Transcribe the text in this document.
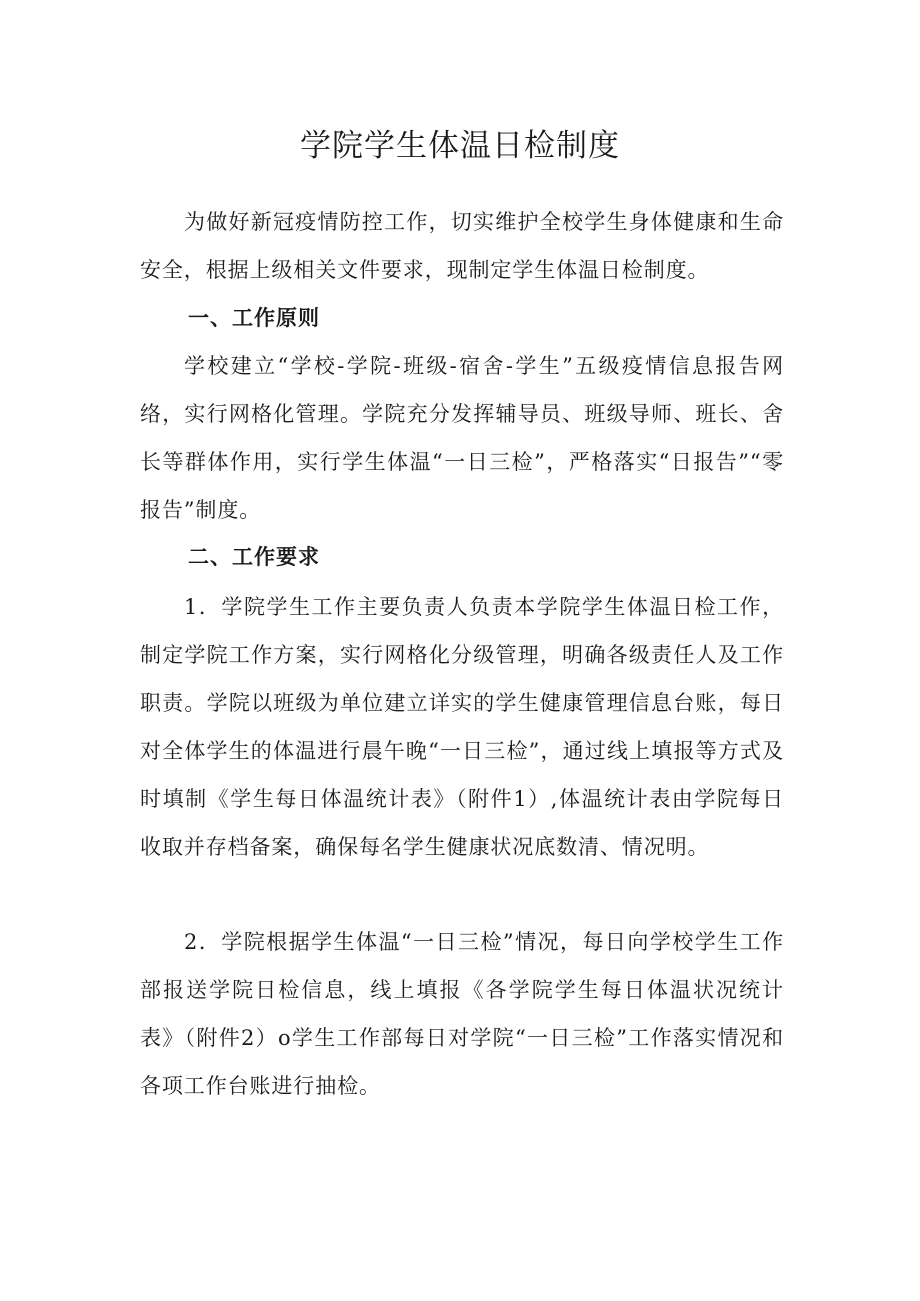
学院学生体温日检制度

为做好新冠疫情防控工作，切实维护全校学生身体健康和生命安全，根据上级相关文件要求，现制定学生体温日检制度。

一、工作原则

学校建立“学校-学院-班级-宿舍-学生”五级疫情信息报告网络，实行网格化管理。学院充分发挥辅导员、班级导师、班长、舍长等群体作用，实行学生体温“一日三检”，严格落实“日报告”“零报告”制度。

二、工作要求

1．学院学生工作主要负责人负责本学院学生体温日检工作，制定学院工作方案，实行网格化分级管理，明确各级责任人及工作职责。学院以班级为单位建立详实的学生健康管理信息台账，每日对全体学生的体温进行晨午晚“一日三检”，通过线上填报等方式及时填制《学生每日体温统计表》（附件1）,体温统计表由学院每日收取并存档备案，确保每名学生健康状况底数清、情况明。

2．学院根据学生体温“一日三检”情况，每日向学校学生工作部报送学院日检信息，线上填报《各学院学生每日体温状况统计表》（附件2）o学生工作部每日对学院“一日三检”工作落实情况和各项工作台账进行抽检。
